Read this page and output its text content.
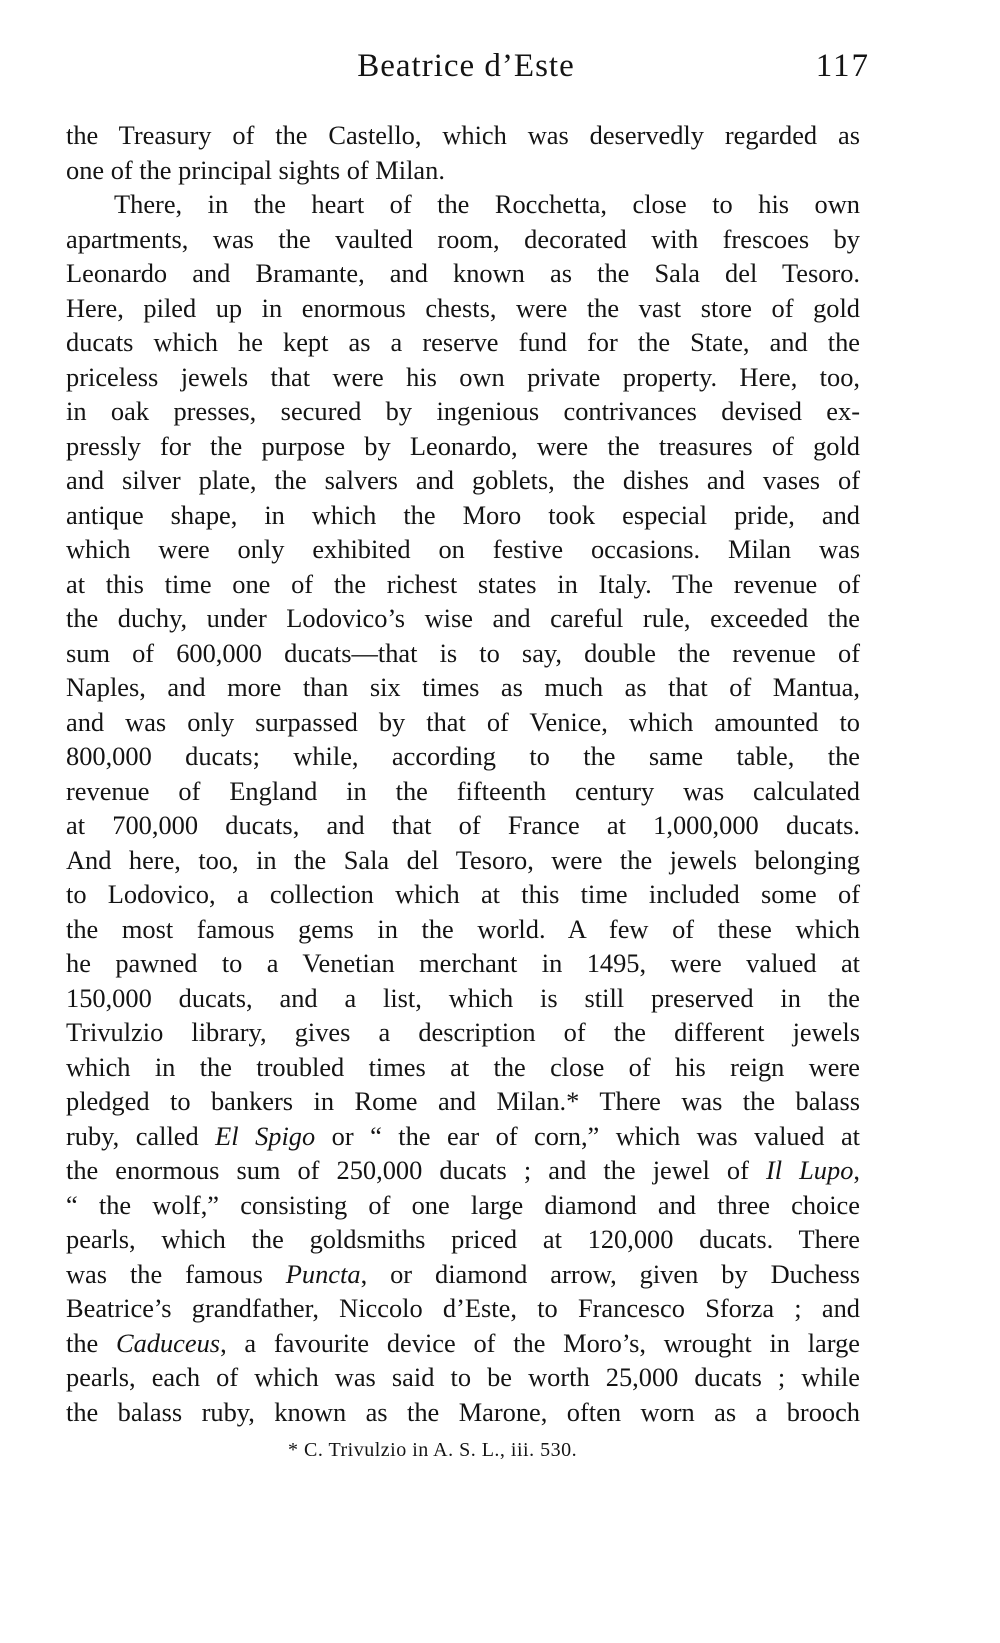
Beatrice d’Este	117
the Treasury of the Castello, which was deservedly regarded as
one of the principal sights of Milan.
There, in the heart of the Rocchetta, close to his own
apartments, was the vaulted room, decorated with frescoes by
Leonardo and Bramante, and known as the Sala del Tesoro.
Here, piled up in enormous chests, were the vast store of gold
ducats which he kept as a reserve fund for the State, and the
priceless jewels that were his own private property. Here, too,
in oak presses, secured by ingenious contrivances devised ex-
pressly for the purpose by Leonardo, were the treasures of gold
and silver plate, the salvers and goblets, the dishes and vases of
antique shape, in which the Moro took especial pride, and
which were only exhibited on festive occasions. Milan was
at this time one of the richest states in Italy. The revenue of
the duchy, under Lodovico’s wise and careful rule, exceeded the
sum of 600,000 ducats—that is to say, double the revenue of
Naples, and more than six times as much as that of Mantua,
and was only surpassed by that of Venice, which amounted to
800,000 ducats; while, according to the same table, the
revenue of England in the fifteenth century was calculated
at 700,000 ducats, and that of France at 1,000,000 ducats.
And here, too, in the Sala del Tesoro, were the jewels belonging
to Lodovico, a collection which at this time included some of
the most famous gems in the world. A few of these which
he pawned to a Venetian merchant in 1495, were valued at
150,000 ducats, and a list, which is still preserved in the
Trivulzio library, gives a description of the different jewels
which in the troubled times at the close of his reign were
pledged to bankers in Rome and Milan.* There was the balass
ruby, called El Spigo or “ the ear of corn,” which was valued at
the enormous sum of 250,000 ducats ; and the jewel of Il Lupo,
“ the wolf,” consisting of one large diamond and three choice
pearls, which the goldsmiths priced at 120,000 ducats. There
was the famous Puncta, or diamond arrow, given by Duchess
Beatrice’s grandfather, Niccolo d’Este, to Francesco Sforza ; and
the Caduceus, a favourite device of the Moro’s, wrought in large
pearls, each of which was said to be worth 25,000 ducats ; while
the balass ruby, known as the Marone, often worn as a brooch
* C. Trivulzio in A. S. L., iii. 530.
